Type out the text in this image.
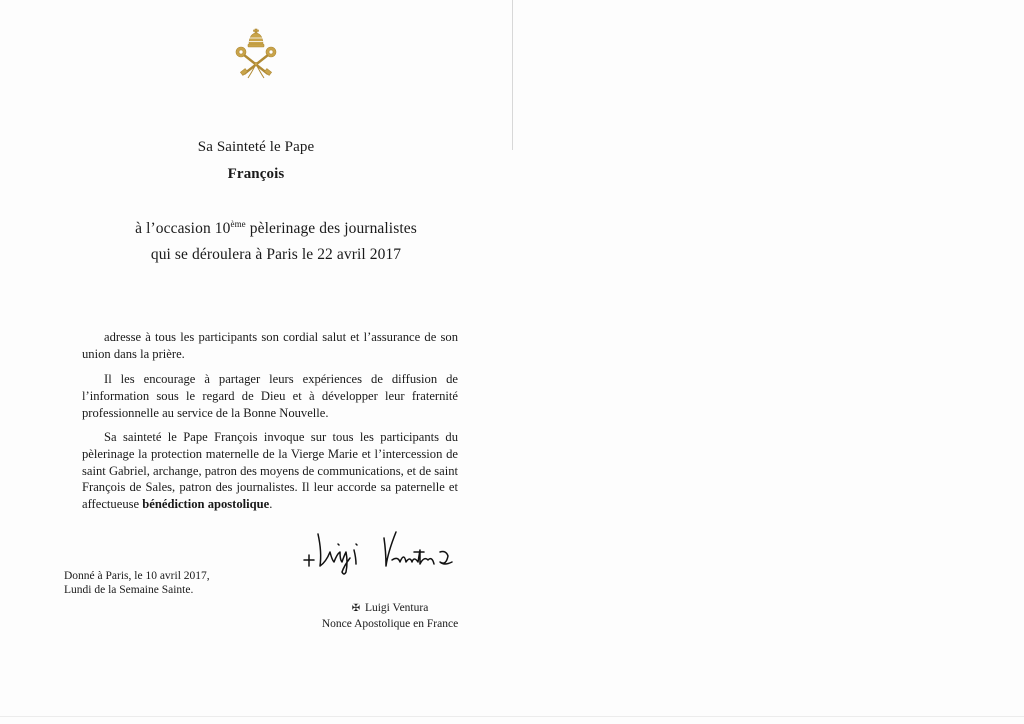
Sa Sainteté le Pape
François
à l’occasion 10ème pèlerinage des journalistes
qui se déroulera à Paris le 22 avril 2017
adresse à tous les participants son cordial salut et l’assurance de son union dans la prière.
Il les encourage à partager leurs expériences de diffusion de l’information sous le regard de Dieu et à développer leur fraternité professionnelle au service de la Bonne Nouvelle.
Sa sainteté le Pape François invoque sur tous les participants du pèlerinage la protection maternelle de la Vierge Marie et l’intercession de saint Gabriel, archange, patron des moyens de communications, et de saint François de Sales, patron des journalistes. Il leur accorde sa paternelle et affectueuse bénédiction apostolique.
Donné à Paris, le 10 avril 2017,
Lundi de la Semaine Sainte.
✠ Luigi Ventura
Nonce Apostolique en France
